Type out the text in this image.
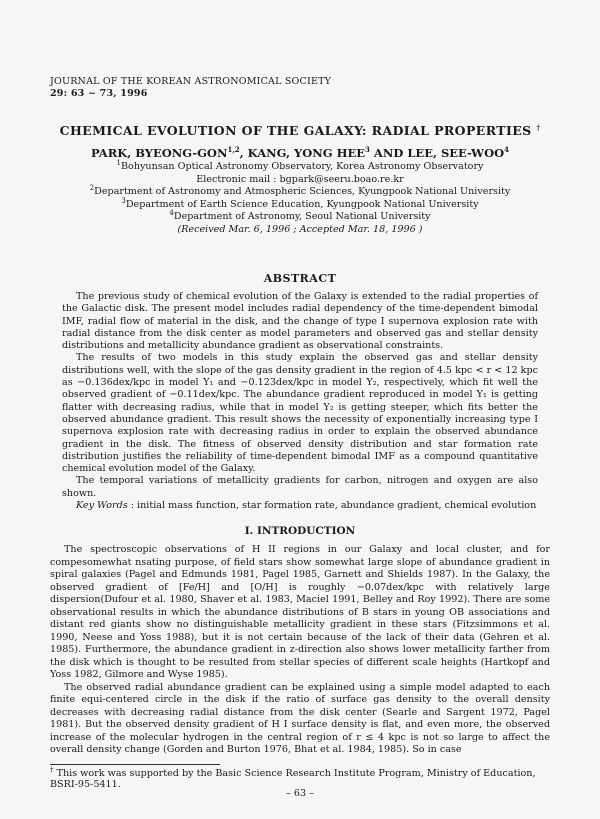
JOURNAL OF THE KOREAN ASTRONOMICAL SOCIETY
29: 63 ~ 73, 1996
CHEMICAL EVOLUTION OF THE GALAXY: RADIAL PROPERTIES †
PARK, BYEONG-GON$^{1,2}$, KANG, YONG HEE$^3$ AND LEE, SEE-WOO$^4$
$^1$Bohyunsan Optical Astronomy Observatory, Korea Astronomy Observatory
Electronic mail : bgpark@seeru.boao.re.kr
$^2$Department of Astronomy and Atmospheric Sciences, Kyungpook National University
$^3$Department of Earth Science Education, Kyungpook National University
$^4$Department of Astronomy, Seoul National University
(Received Mar. 6, 1996 ; Accepted Mar. 18, 1996 )
ABSTRACT

The previous study of chemical evolution of the Galaxy is extended to the radial properties of the Galactic disk. The present model includes radial dependency of the time-dependent bimodal IMF, radial flow of material in the disk, and the change of type I supernova explosion rate with radial distance from the disk center as model parameters and observed gas and stellar density distributions and metallicity abundance gradient as observational constraints.

The results of two models in this study explain the observed gas and stellar density distributions well, with the slope of the gas density gradient in the region of 4.5 kpc < r < 12 kpc as −0.136dex/kpc in model Y₁ and −0.123dex/kpc in model Y₂, respectively, which fit well the observed gradient of −0.11dex/kpc. The abundance gradient reproduced in model Y₁ is getting flatter with decreasing radius, while that in model Y₂ is getting steeper, which fits better the observed abundance gradient. This result shows the necessity of exponentially increasing type I supernova explosion rate with decreasing radius in order to explain the observed abundance gradient in the disk. The fitness of observed density distribution and star formation rate distribution justifies the reliability of time-dependent bimodal IMF as a compound quantitative chemical evolution model of the Galaxy.

The temporal variations of metallicity gradients for carbon, nitrogen and oxygen are also shown.

Key Words : initial mass function, star formation rate, abundance gradient, chemical evolution

I. INTRODUCTION

The spectroscopic observations of H II regions in our Galaxy and local cluster, and for compesomewhat nsating purpose, of field stars show somewhat large slope of abundance gradient in spiral galaxies (Pagel and Edmunds 1981, Pagel 1985, Garnett and Shields 1987). In the Galaxy, the observed gradient of [Fe/H] and [O/H] is roughly −0.07dex/kpc with relatively large dispersion(Dufour et al. 1980, Shaver et al. 1983, Maciel 1991, Belley and Roy 1992). There are some observational results in which the abundance distributions of B stars in young OB associations and distant red giants show no distinguishable metallicity gradient in these stars (Fitzsimmons et al. 1990, Neese and Yoss 1988), but it is not certain because of the lack of their data (Gehren et al. 1985). Furthermore, the abundance gradient in z-direction also shows lower metallicity farther from the disk which is thought to be resulted from stellar species of different scale heights (Hartkopf and Yoss 1982, Gilmore and Wyse 1985).

The observed radial abundance gradient can be explained using a simple model adapted to each finite equi-centered circle in the disk if the ratio of surface gas density to the overall density decreases with decreasing radial distance from the disk center (Searle and Sargent 1972, Pagel 1981). But the observed density gradient of H I surface density is flat, and even more, the observed increase of the molecular hydrogen in the central region of r ≤ 4 kpc is not so large to affect the overall density change (Gorden and Burton 1976, Bhat et al. 1984, 1985). So in case

† This work was supported by the Basic Science Research Institute Program, Ministry of Education, BSRI-95-5411.
– 63 –
